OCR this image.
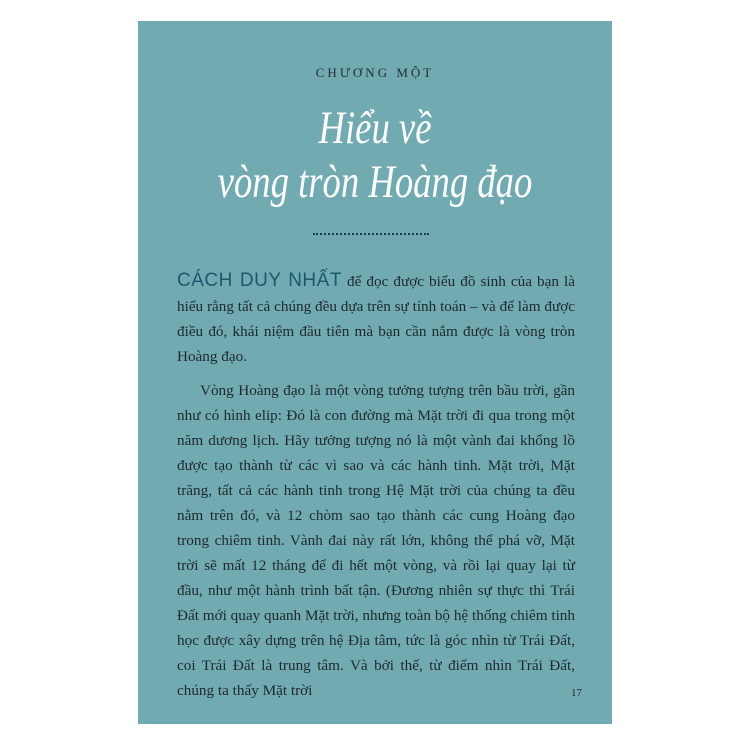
CHƯƠNG MỘT
Hiểu về
vòng tròn Hoàng đạo

CÁCH DUY NHẤT để đọc được biểu đồ sinh của bạn là hiểu rằng tất cả chúng đều dựa trên sự tính toán – và để làm được điều đó, khái niệm đầu tiên mà bạn cần nắm được là vòng tròn Hoàng đạo.

Vòng Hoàng đạo là một vòng tưởng tượng trên bầu trời, gần như có hình elip: Đó là con đường mà Mặt trời đi qua trong một năm dương lịch. Hãy tưởng tượng nó là một vành đai khổng lồ được tạo thành từ các vì sao và các hành tinh. Mặt trời, Mặt trăng, tất cả các hành tinh trong Hệ Mặt trời của chúng ta đều nằm trên đó, và 12 chòm sao tạo thành các cung Hoàng đạo trong chiêm tinh. Vành đai này rất lớn, không thể phá vỡ, Mặt trời sẽ mất 12 tháng để đi hết một vòng, và rồi lại quay lại từ đầu, như một hành trình bất tận. (Đương nhiên sự thực thì Trái Đất mới quay quanh Mặt trời, nhưng toàn bộ hệ thống chiêm tinh học được xây dựng trên hệ Địa tâm, tức là góc nhìn từ Trái Đất, coi Trái Đất là trung tâm. Và bởi thế, từ điểm nhìn Trái Đất, chúng ta thấy Mặt trời	17
